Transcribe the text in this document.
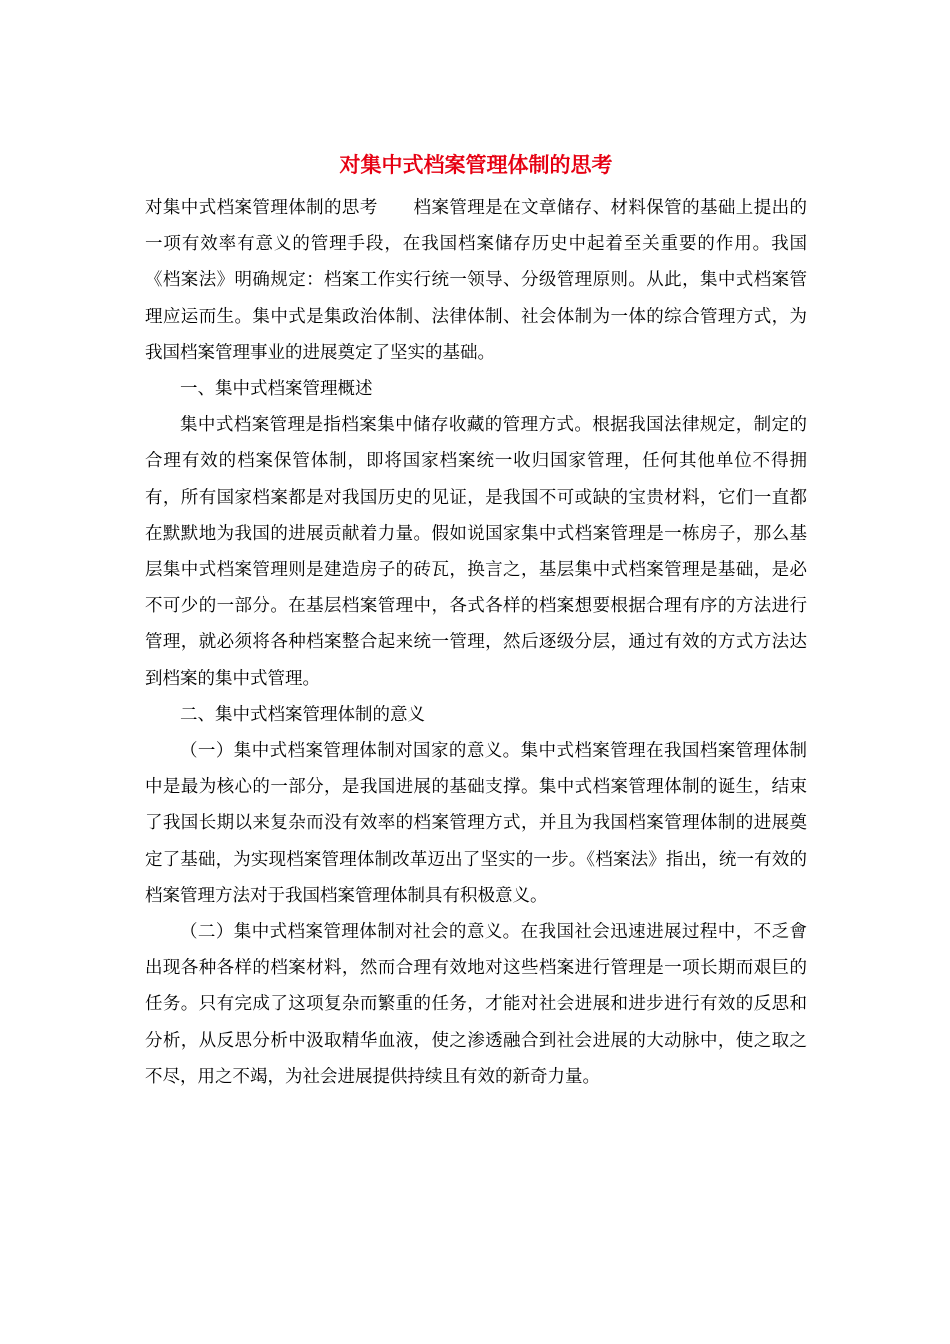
对集中式档案管理体制的思考

对集中式档案管理体制的思考　　档案管理是在文章储存、材料保管的基础上提出的一项有效率有意义的管理手段，在我国档案储存历史中起着至关重要的作用。我国《档案法》明确规定：档案工作实行统一领导、分级管理原则。从此，集中式档案管理应运而生。集中式是集政治体制、法律体制、社会体制为一体的综合管理方式，为我国档案管理事业的进展奠定了坚实的基础。

一、集中式档案管理概述

集中式档案管理是指档案集中储存收藏的管理方式。根据我国法律规定，制定的合理有效的档案保管体制，即将国家档案统一收归国家管理，任何其他单位不得拥有，所有国家档案都是对我国历史的见证，是我国不可或缺的宝贵材料，它们一直都在默默地为我国的进展贡献着力量。假如说国家集中式档案管理是一栋房子，那么基层集中式档案管理则是建造房子的砖瓦，换言之，基层集中式档案管理是基础，是必不可少的一部分。在基层档案管理中，各式各样的档案想要根据合理有序的方法进行管理，就必须将各种档案整合起来统一管理，然后逐级分层，通过有效的方式方法达到档案的集中式管理。

二、集中式档案管理体制的意义

（一）集中式档案管理体制对国家的意义。集中式档案管理在我国档案管理体制中是最为核心的一部分，是我国进展的基础支撑。集中式档案管理体制的诞生，结束了我国长期以来复杂而没有效率的档案管理方式，并且为我国档案管理体制的进展奠定了基础，为实现档案管理体制改革迈出了坚实的一步。《档案法》指出，统一有效的档案管理方法对于我国档案管理体制具有积极意义。

（二）集中式档案管理体制对社会的意义。在我国社会迅速进展过程中，不乏會出现各种各样的档案材料，然而合理有效地对这些档案进行管理是一项长期而艰巨的任务。只有完成了这项复杂而繁重的任务，才能对社会进展和进步进行有效的反思和分析，从反思分析中汲取精华血液，使之渗透融合到社会进展的大动脉中，使之取之不尽，用之不竭，为社会进展提供持续且有效的新奇力量。
